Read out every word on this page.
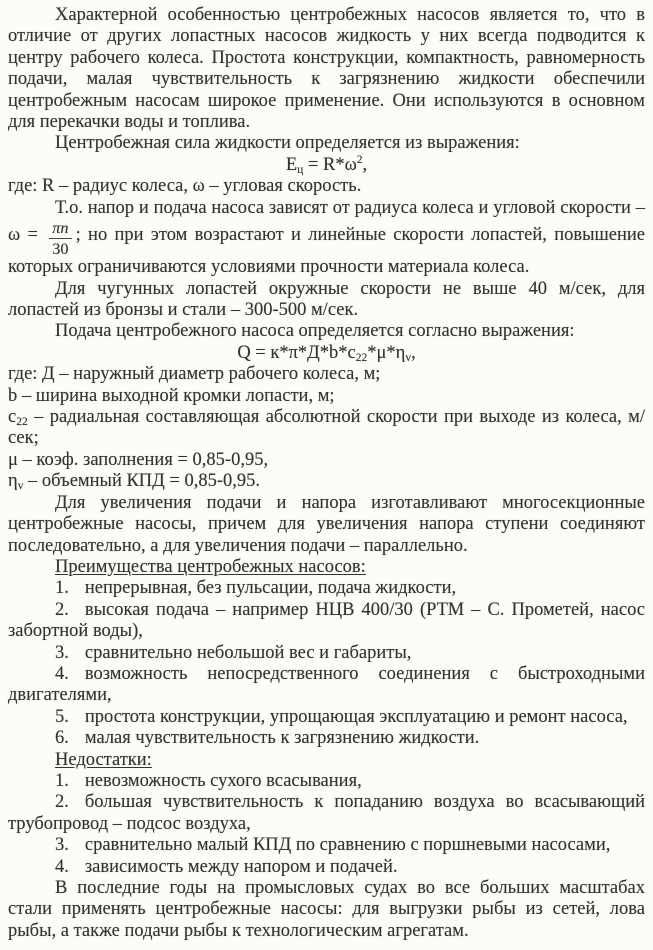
Характерной особенностью центробежных насосов является то, что в отличие от других лопастных насосов жидкость у них всегда подводится к центру рабочего колеса. Простота конструкции, компактность, равномерность подачи, малая чувствительность к загрязнению жидкости обеспечили центробежным насосам широкое применение. Они используются в основном для перекачки воды и топлива.

Центробежная сила жидкости определяется из выражения:

$E_ц = R*\omega^2$,

где: R – радиус колеса, ω – угловая скорость.

Т.о. напор и подача насоса зависят от радиуса колеса и угловой скорости – $\omega = \frac{\pi n}{30}$ ; но при этом возрастают и линейные скорости лопастей, повышение которых ограничиваются условиями прочности материала колеса.

Для чугунных лопастей окружные скорости не выше 40 м/сек, для лопастей из бронзы и стали – 300-500 м/сек.

Подача центробежного насоса определяется согласно выражения:

$Q = к*\pi*Д*b*c_{22}*\mu*\eta_v$,

где: Д – наружный диаметр рабочего колеса, м;

b – ширина выходной кромки лопасти, м;

$c_{22}$ – радиальная составляющая абсолютной скорости при выходе из колеса, м/сек;

μ – коэф. заполнения = 0,85-0,95,

$\eta_v$ – объемный КПД = 0,85-0,95.

Для увеличения подачи и напора изготавливают многосекционные центробежные насосы, причем для увеличения напора ступени соединяют последовательно, а для увеличения подачи – параллельно.

Преимущества центробежных насосов:

1. непрерывная, без пульсации, подача жидкости,

2. высокая подача – например НЦВ 400/30 (РТМ – С. Прометей, насос забортной воды),

3. сравнительно небольшой вес и габариты,

4. возможность непосредственного соединения с быстроходными двигателями,

5. простота конструкции, упрощающая эксплуатацию и ремонт насоса,

6. малая чувствительность к загрязнению жидкости.

Недостатки:

1. невозможность сухого всасывания,

2. большая чувствительность к попаданию воздуха во всасывающий трубопровод – подсос воздуха,

3. сравнительно малый КПД по сравнению с поршневыми насосами,

4. зависимость между напором и подачей.

В последние годы на промысловых судах во все больших масштабах стали применять центробежные насосы: для выгрузки рыбы из сетей, лова рыбы, а также подачи рыбы к технологическим агрегатам.
